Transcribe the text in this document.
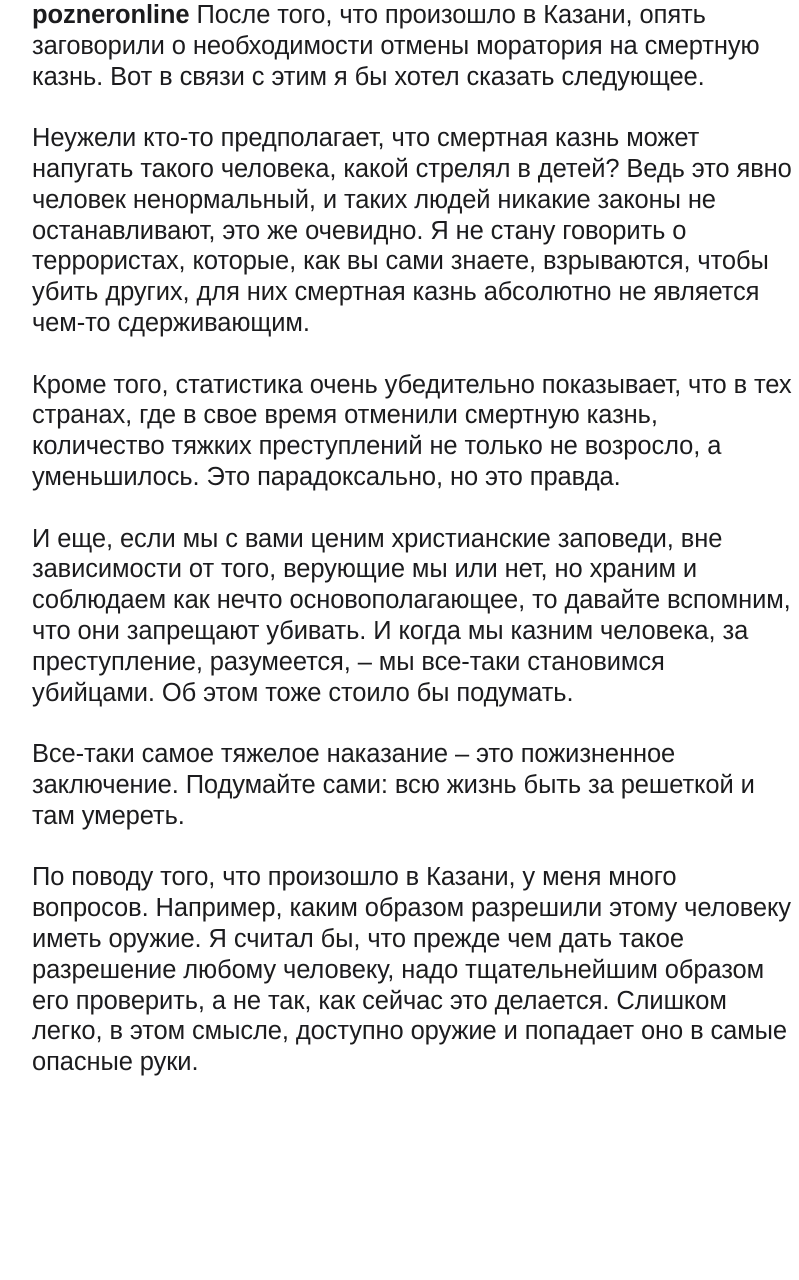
pozneronline После того, что произошло в Казани, опять заговорили о необходимости отмены моратория на смертную казнь. Вот в связи с этим я бы хотел сказать следующее.

Неужели кто-то предполагает, что смертная казнь может напугать такого человека, какой стрелял в детей? Ведь это явно человек ненормальный, и таких людей никакие законы не останавливают, это же очевидно. Я не стану говорить о террористах, которые, как вы сами знаете, взрываются, чтобы убить других, для них смертная казнь абсолютно не является чем-то сдерживающим.

Кроме того, статистика очень убедительно показывает, что в тех странах, где в свое время отменили смертную казнь, количество тяжких преступлений не только не возросло, а уменьшилось. Это парадоксально, но это правда.

И еще, если мы с вами ценим христианские заповеди, вне зависимости от того, верующие мы или нет, но храним и соблюдаем как нечто основополагающее, то давайте вспомним, что они запрещают убивать. И когда мы казним человека, за преступление, разумеется, – мы все-таки становимся убийцами. Об этом тоже стоило бы подумать.

Все-таки самое тяжелое наказание – это пожизненное заключение. Подумайте сами: всю жизнь быть за решеткой и там умереть.

По поводу того, что произошло в Казани, у меня много вопросов. Например, каким образом разрешили этому человеку иметь оружие. Я считал бы, что прежде чем дать такое разрешение любому человеку, надо тщательнейшим образом его проверить, а не так, как сейчас это делается. Слишком легко, в этом смысле, доступно оружие и попадает оно в самые опасные руки.
